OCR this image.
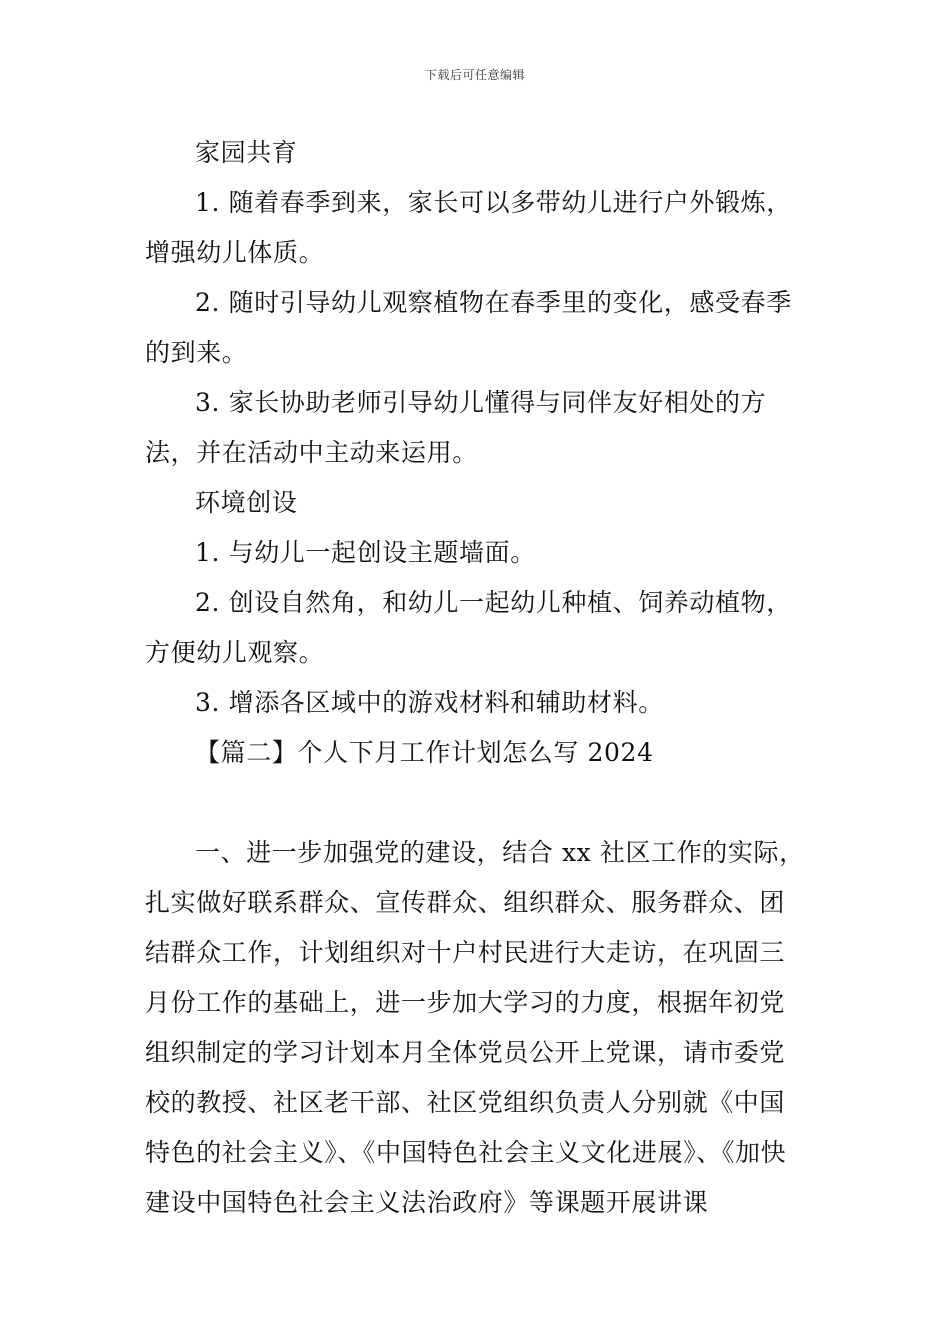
下载后可任意编辑

家园共育

1. 随着春季到来，家长可以多带幼儿进行户外锻炼，增强幼儿体质。

2. 随时引导幼儿观察植物在春季里的变化，感受春季的到来。

3. 家长协助老师引导幼儿懂得与同伴友好相处的方法，并在活动中主动来运用。

环境创设

1. 与幼儿一起创设主题墙面。

2. 创设自然角，和幼儿一起幼儿种植、饲养动植物，方便幼儿观察。

3. 增添各区域中的游戏材料和辅助材料。

【篇二】个人下月工作计划怎么写 2024

一、进一步加强党的建设，结合 xx 社区工作的实际，扎实做好联系群众、宣传群众、组织群众、服务群众、团结群众工作，计划组织对十户村民进行大走访，在巩固三月份工作的基础上，进一步加大学习的力度，根据年初党组织制定的学习计划本月全体党员公开上党课，请市委党校的教授、社区老干部、社区党组织负责人分别就《中国特色的社会主义》、《中国特色社会主义文化进展》、《加快建设中国特色社会主义法治政府》等课题开展讲课
